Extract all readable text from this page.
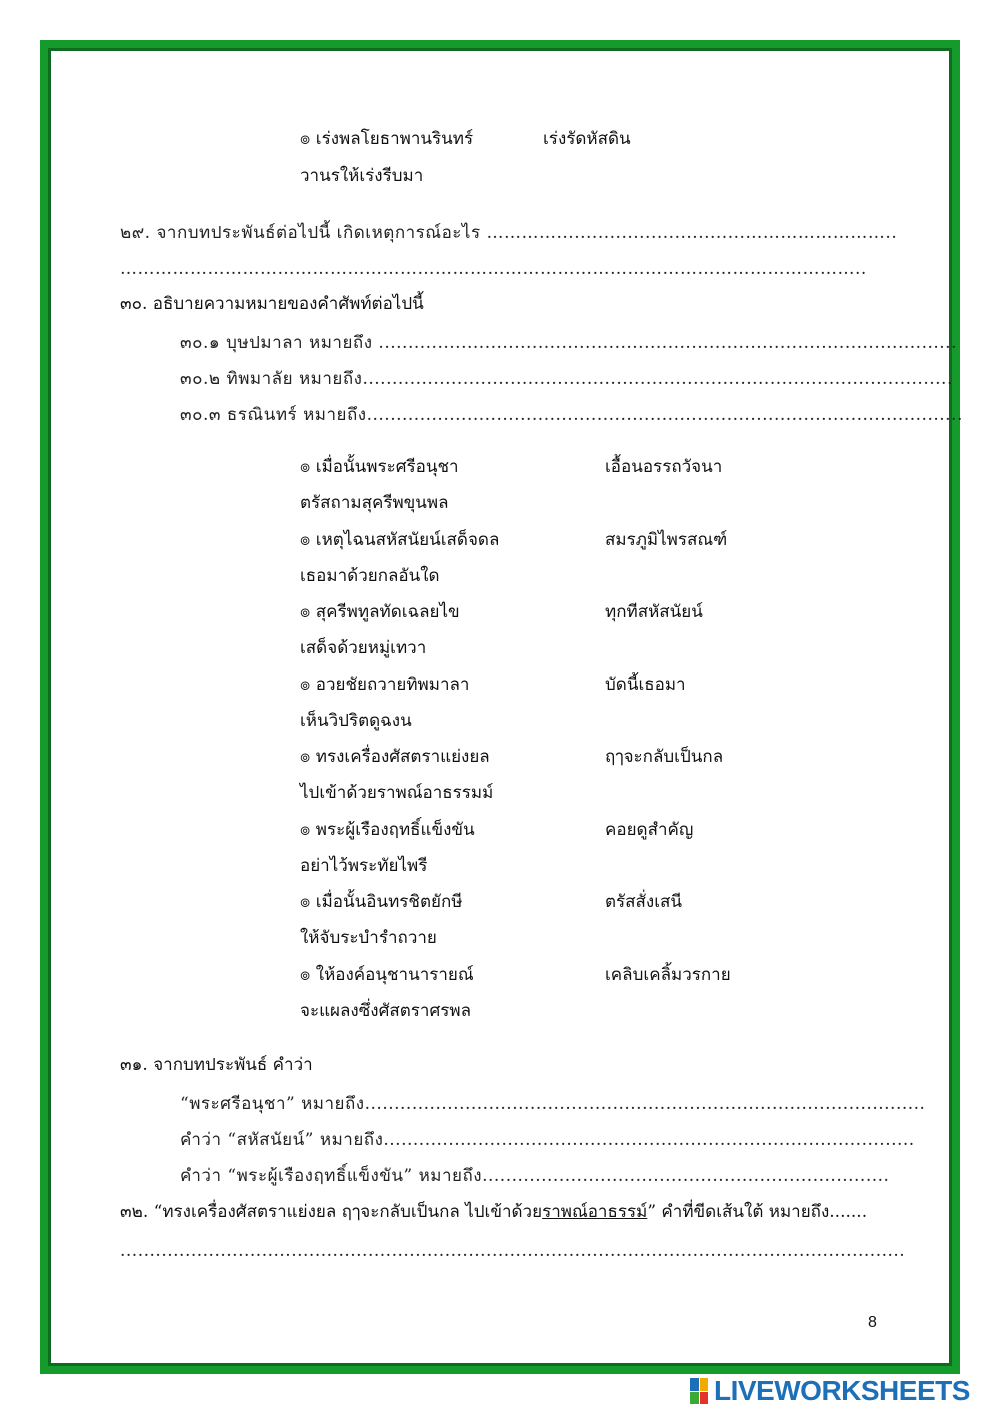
๏ เร่งพลโยธาพานรินทร์	เร่งรัดหัสดิน
วานรให้เร่งรีบมา
๒๙. จากบทประพันธ์ต่อไปนี้ เกิดเหตุการณ์อะไร …………................................……………………..
………………………………………………………………………………………………………………..
๓๐. อธิบายความหมายของคำศัพท์ต่อไปนี้
๓๐.๑ บุษปมาลา หมายถึง ..................................................................................................
๓๐.๒ ทิพมาลัย หมายถึง....................................................................................................
๓๐.๓ ธรณินทร์ หมายถึง.....................................................................................................
๏ เมื่อนั้นพระศรีอนุชา	เอื้อนอรรถวัจนา
ตรัสถามสุครีพขุนพล
๏ เหตุไฉนสหัสนัยน์เสด็จดล	สมรภูมิไพรสณฑ์
เธอมาด้วยกลอันใด
๏ สุครีพทูลทัดเฉลยไข	ทุกทีสหัสนัยน์
เสด็จด้วยหมู่เทวา
๏ อวยชัยถวายทิพมาลา	บัดนี้เธอมา
เห็นวิปริตดูฉงน
๏ ทรงเครื่องศัสตราแย่งยล	ฤๅจะกลับเป็นกล
ไปเข้าด้วยราพณ์อาธรรมม์
๏ พระผู้เรืองฤทธิ์แข็งขัน	คอยดูสำคัญ
อย่าไว้พระทัยไพรี
๏ เมื่อนั้นอินทรชิตยักษี	ตรัสสั่งเสนี
ให้จับระบำรำถวาย
๏ ให้องค์อนุชานารายณ์	เคลิบเคลิ้มวรกาย
จะแผลงซึ่งศัสตราศรพล
๓๑. จากบทประพันธ์ คำว่า
“พระศรีอนุชา” หมายถึง...............................................................................................
คำว่า “สหัสนัยน์” หมายถึง..........................................................................................
คำว่า “พระผู้เรืองฤทธิ์แข็งขัน” หมายถึง.....................................................................
๓๒. “ทรงเครื่องศัสตราแย่งยล ฤๅจะกลับเป็นกล ไปเข้าด้วยราพณ์อาธรรม์” คำที่ขีดเส้นใต้ หมายถึง.......
.....................................................................................................................................
8
LIVEWORKSHEETS
